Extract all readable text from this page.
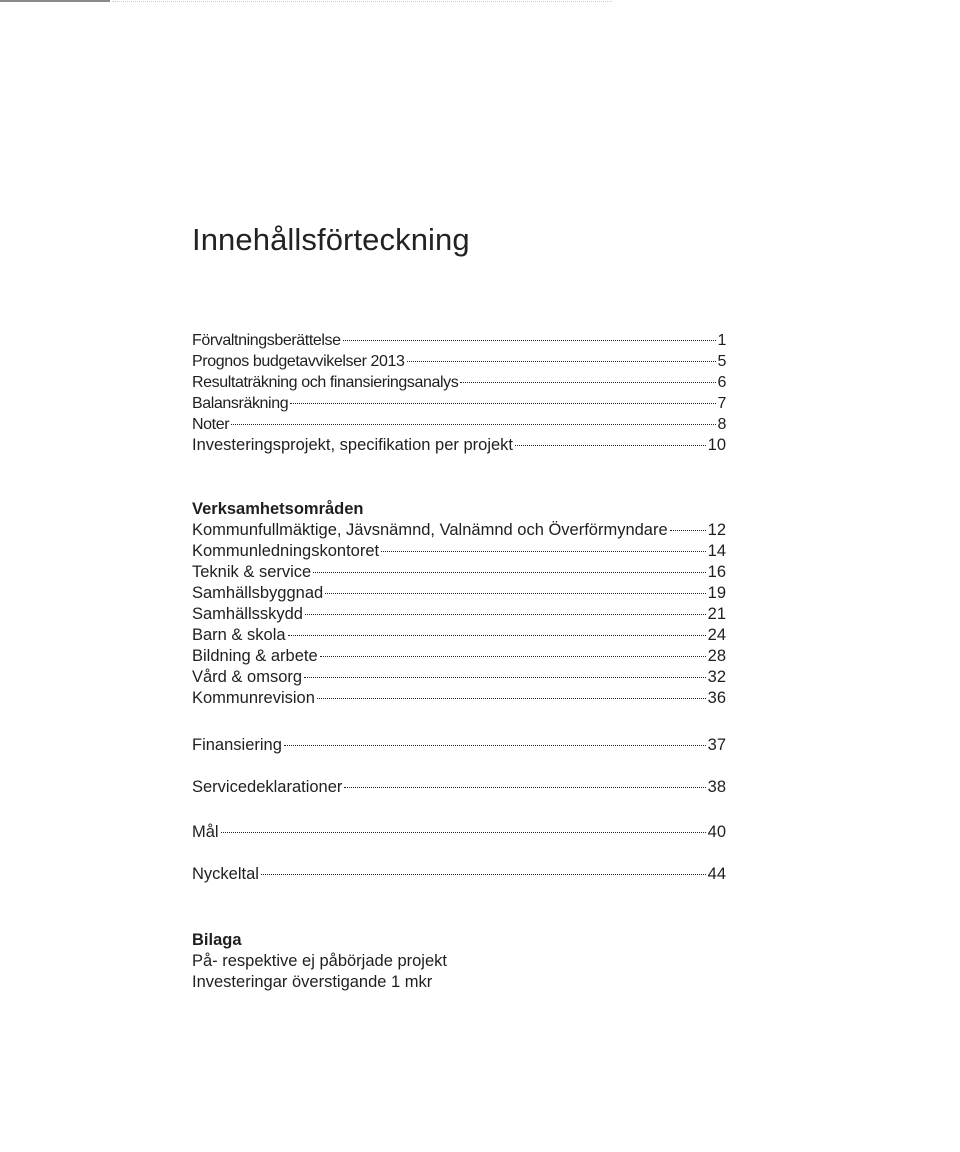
Innehållsförteckning
Förvaltningsberättelse	1
Prognos budgetavvikelser 2013	5
Resultaträkning och finansieringsanalys	6
Balansräkning	7
Noter	8
Investeringsprojekt, specifikation per projekt	10

Verksamhetsområden

Kommunfullmäktige, Jävsnämnd, Valnämnd och Överförmyndare 12
Kommunledningskontoret	14
Teknik & service	16
Samhällsbyggnad	19
Samhällsskydd	21
Barn & skola	24
Bildning & arbete	28
Vård & omsorg	32
Kommunrevision	36
Finansiering	37
Servicedeklarationer	38
Mål	40
Nyckeltal	44

Bilaga

På- respektive ej påbörjade projekt

Investeringar överstigande 1 mkr
